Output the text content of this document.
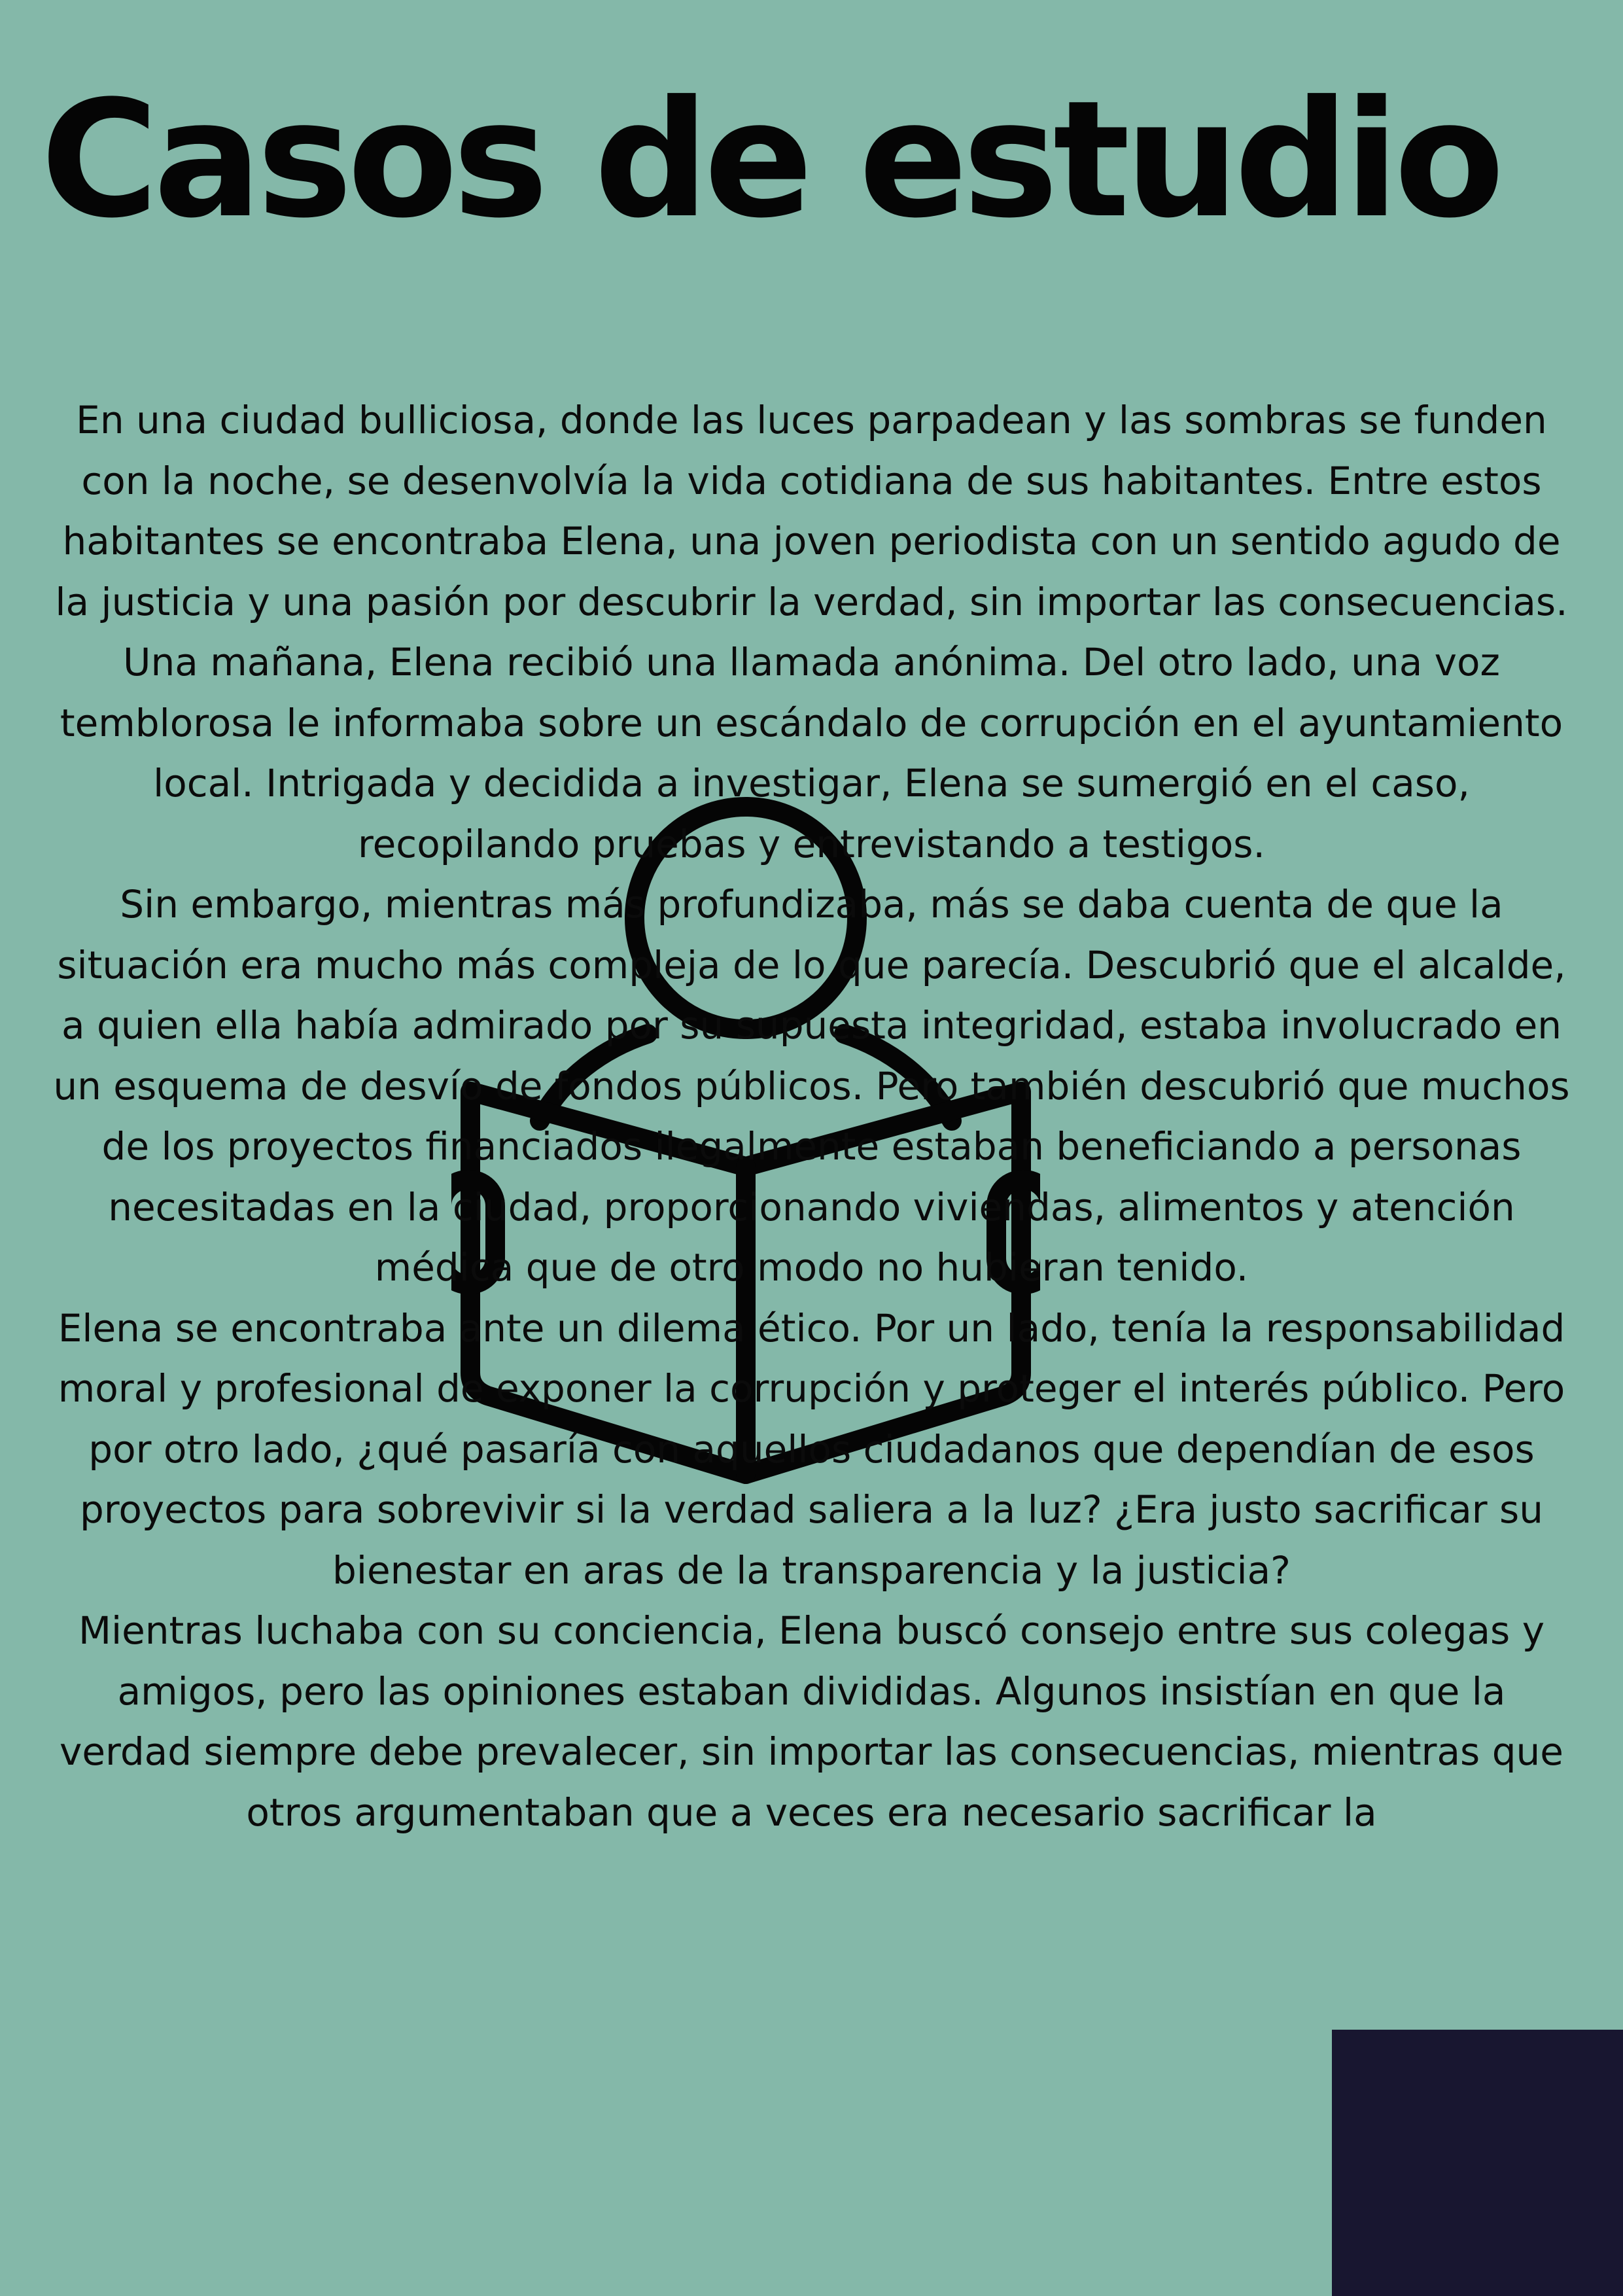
Casos de estudio

En una ciudad bulliciosa, donde las luces parpadean y las sombras se funden con la noche, se desenvolvía la vida cotidiana de sus habitantes. Entre estos habitantes se encontraba Elena, una joven periodista con un sentido agudo de la justicia y una pasión por descubrir la verdad, sin importar las consecuencias.

Una mañana, Elena recibió una llamada anónima. Del otro lado, una voz temblorosa le informaba sobre un escándalo de corrupción en el ayuntamiento local. Intrigada y decidida a investigar, Elena se sumergió en el caso, recopilando pruebas y entrevistando a testigos.

Sin embargo, mientras más profundizaba, más se daba cuenta de que la situación era mucho más compleja de lo que parecía. Descubrió que el alcalde, a quien ella había admirado por su supuesta integridad, estaba involucrado en un esquema de desvío de fondos públicos. Pero también descubrió que muchos de los proyectos financiados ilegalmente estaban beneficiando a personas necesitadas en la ciudad, proporcionando viviendas, alimentos y atención médica que de otro modo no hubieran tenido.

Elena se encontraba ante un dilema ético. Por un lado, tenía la responsabilidad moral y profesional de exponer la corrupción y proteger el interés público. Pero por otro lado, ¿qué pasaría con aquellos ciudadanos que dependían de esos proyectos para sobrevivir si la verdad saliera a la luz? ¿Era justo sacrificar su bienestar en aras de la transparencia y la justicia?

Mientras luchaba con su conciencia, Elena buscó consejo entre sus colegas y amigos, pero las opiniones estaban divididas. Algunos insistían en que la verdad siempre debe prevalecer, sin importar las consecuencias, mientras que otros argumentaban que a veces era necesario sacrificar la
